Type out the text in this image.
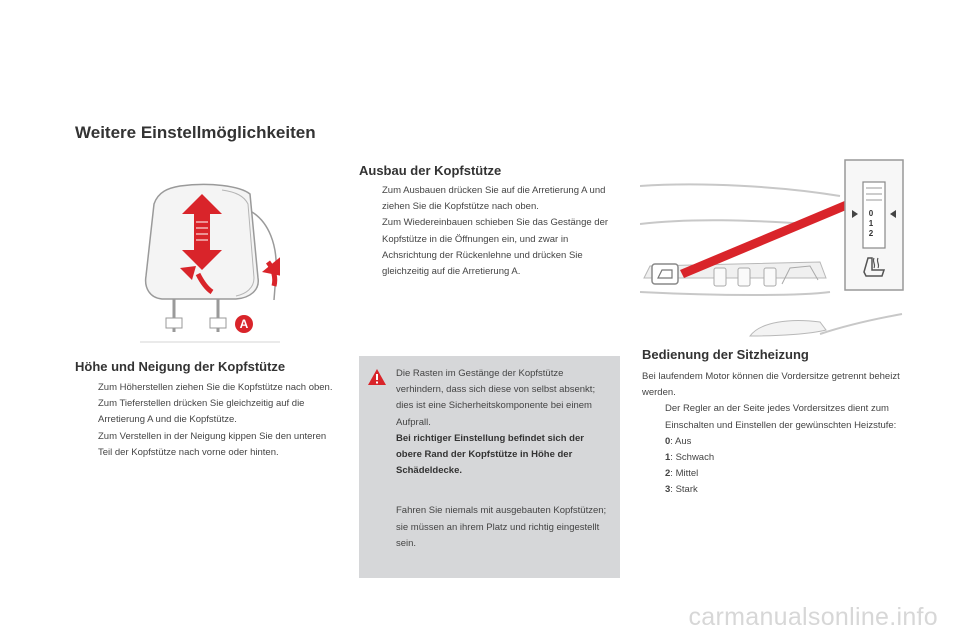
Weitere Einstellmöglichkeiten
A
Höhe und Neigung der Kopfstütze
Zum Höherstellen ziehen Sie die Kopfstütze nach oben.
Zum Tieferstellen drücken Sie gleichzeitig auf die Arretierung A und die Kopfstütze.
Zum Verstellen in der Neigung kippen Sie den unteren Teil der Kopfstütze nach vorne oder hinten.
Ausbau der Kopfstütze
Zum Ausbauen drücken Sie auf die Arretierung A und ziehen Sie die Kopfstütze nach oben.
Zum Wiedereinbauen schieben Sie das Gestänge der Kopfstütze in die Öffnungen ein, und zwar in Achsrichtung der Rückenlehne und drücken Sie gleichzeitig auf die Arretierung A.

Die Rasten im Gestänge der Kopfstütze verhindern, dass sich diese von selbst absenkt; dies ist eine Sicherheitskomponente bei einem Aufprall.

Bei richtiger Einstellung befindet sich der obere Rand der Kopfstütze in Höhe der Schädeldecke.

Fahren Sie niemals mit ausgebauten Kopfstützen; sie müssen an ihrem Platz und richtig eingestellt sein.

0
1
2
Bedienung der Sitzheizung
Bei laufendem Motor können die Vordersitze getrennt beheizt werden.
Der Regler an der Seite jedes Vordersitzes dient zum Einschalten und Einstellen der gewünschten Heizstufe:
0: Aus
1: Schwach
2: Mittel
3: Stark
carmanualsonline.info
